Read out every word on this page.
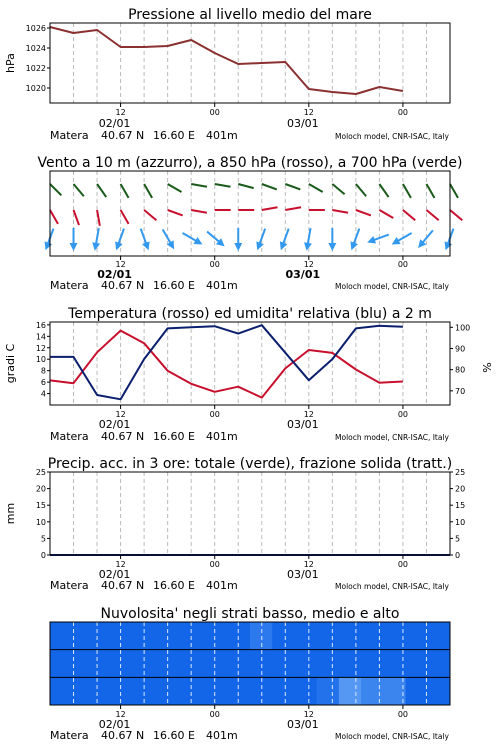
Pressione al livello medio del mare
1020
1022
1024
1026
hPa
12	00	12	00
02/01	03/01
Matera 40.67 N 16.60 E 401m	Moloch model, CNR-ISAC, Italy
Vento a 10 m (azzurro), a 850 hPa (rosso), a 700 hPa (verde)
12	00	12	00
02/01	03/01
Matera 40.67 N 16.60 E 401m	Moloch model, CNR-ISAC, Italy
Temperatura (rosso) ed umidita' relativa (blu) a 2 m
4
6
8
10
12
14
16
70
80
90
100
gradi C	%
12	00	12	00
02/01	03/01
Matera 40.67 N 16.60 E 401m	Moloch model, CNR-ISAC, Italy
Precip. acc. in 3 ore: totale (verde), frazione solida (tratt.)
0
5
10
15
20
25
0
5
10
15
20
25
mm
12	00	12	00
02/01	03/01
Matera 40.67 N 16.60 E 401m	Moloch model, CNR-ISAC, Italy
Nuvolosita' negli strati basso, medio e alto
12	00	12	00
02/01	03/01
Matera 40.67 N 16.60 E 401m	Moloch model, CNR-ISAC, Italy
